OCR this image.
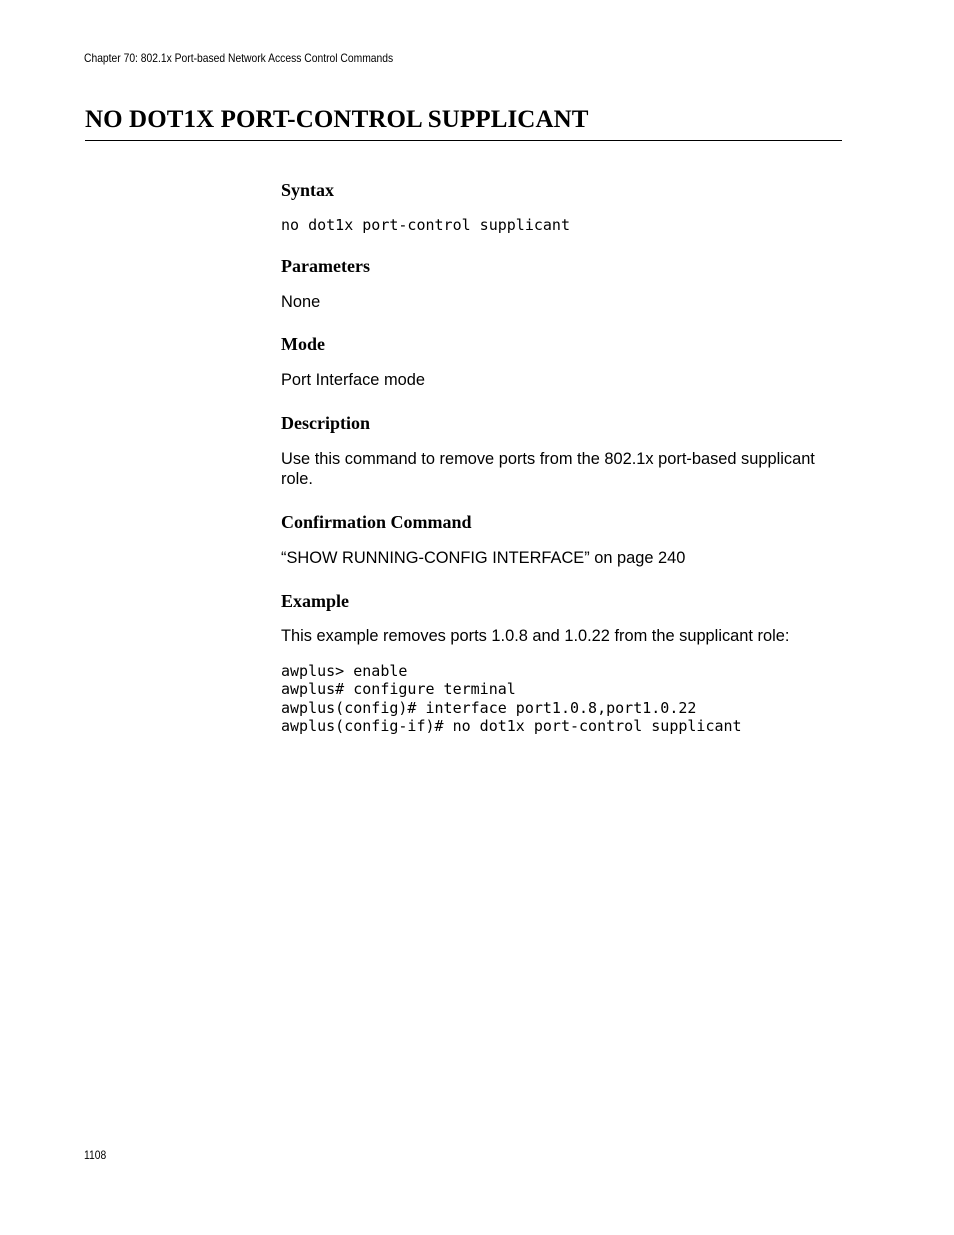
Chapter 70: 802.1x Port-based Network Access Control Commands
NO DOT1X PORT-CONTROL SUPPLICANT
Syntax
no dot1x port-control supplicant
Parameters

None

Mode

Port Interface mode

Description

Use this command to remove ports from the 802.1x port-based supplicant role.

Confirmation Command

“SHOW RUNNING-CONFIG INTERFACE” on page 240

Example

This example removes ports 1.0.8 and 1.0.22 from the supplicant role:

awplus> enable
awplus# configure terminal
awplus(config)# interface port1.0.8,port1.0.22
awplus(config-if)# no dot1x port-control supplicant
1108
